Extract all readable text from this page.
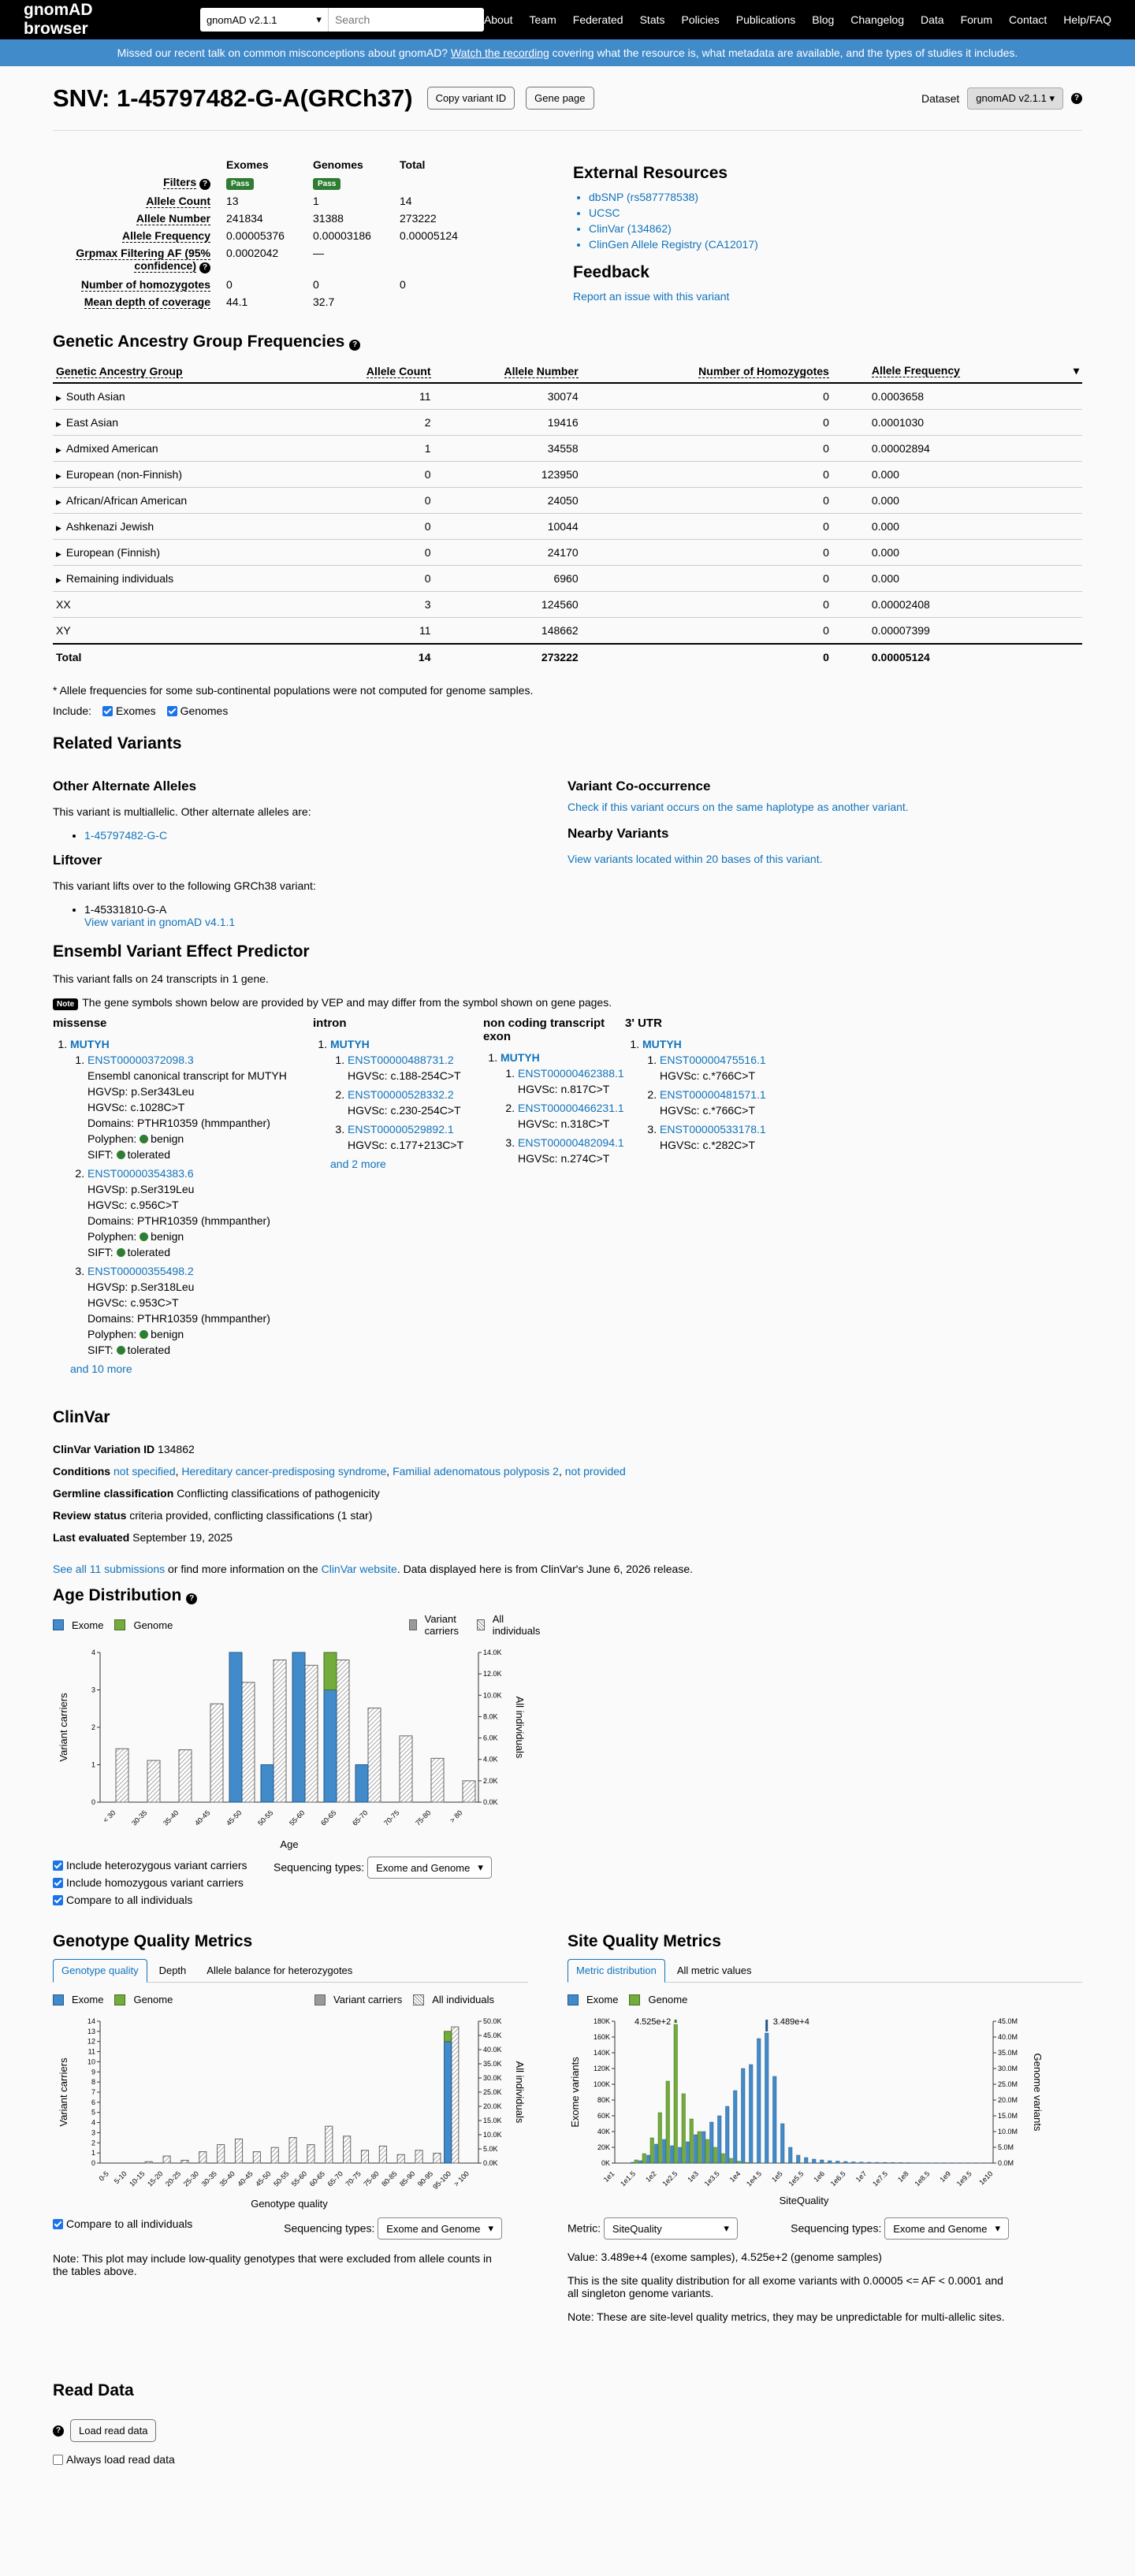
gnomAD browser	gnomAD v2.1.1	▾
Search	About Team Federated Stats Policies Publications Blog Changelog Data Forum Contact Help/FAQ
Missed our recent talk on common misconceptions about gnomAD?
Watch the recording
covering what the resource is, what metadata are available, and the types of studies it includes.
SNV: 1-45797482-G-A(GRCh37)	Copy variant ID	Gene page	Dataset	gnomAD v2.1.1 ▾	?
	Exomes	Genomes	Total
Filters ?	Pass	Pass	
Allele Count	13	1	14
Allele Number	241834	31388	273222
Allele Frequency	0.00005376	0.00003186	0.00005124
Grpmax Filtering AF (95% confidence) ?	0.0002042	—	
Number of homozygotes	0	0	0
Mean depth of coverage	44.1	32.7	
External Resources
• dbSNP (rs587778538)
• UCSC
• ClinVar (134862)
• ClinGen Allele Registry (CA12017)
Feedback
Report an issue with this variant
Genetic Ancestry Group Frequencies ?
Genetic Ancestry Group	Allele Count	Allele Number	Number of Homozygotes	Allele Frequency ▾

▶ South Asian	11	30074	0	0.0003658
▶ East Asian	2	19416	0	0.0001030
▶ Admixed American	1	34558	0	0.00002894
▶ European (non-Finnish)	0	123950	0	0.000
▶ African/African American	0	24050	0	0.000
▶ Ashkenazi Jewish	0	10044	0	0.000
▶ European (Finnish)	0	24170	0	0.000
▶ Remaining individuals	0	6960	0	0.000
XX	3	124560	0	0.00002408
XY	11	148662	0	0.00007399
Total	14	273222	0	0.00005124

* Allele frequencies for some sub-continental populations were not computed for genome samples.

Include:	Exomes	Genomes
Related Variants
Other Alternate Alleles

This variant is multiallelic. Other alternate alleles are:

• 1-45797482-G-C
Liftover

This variant lifts over to the following GRCh38 variant:

• 1-45331810-G-A
View variant in gnomAD v4.1.1
Variant Co-occurrence
Check if this variant occurs on the same haplotype as another variant.
Nearby Variants

View variants located within 20 bases of this variant.

Ensembl Variant Effect Predictor

This variant falls on 24 transcripts in 1 gene.

Note The gene symbols shown below are provided by VEP and may differ from the symbol shown on gene pages.

missense
1. MUTYH
1. ENST00000372098.3
Ensembl canonical transcript for MUTYH
HGVSp: p.Ser343Leu
HGVSc: c.1028C>T
Domains: PTHR10359 (hmmpanther)
Polyphen: benign
SIFT: tolerated
2. ENST00000354383.6
HGVSp: p.Ser319Leu
HGVSc: c.956C>T
Domains: PTHR10359 (hmmpanther)
Polyphen: benign
SIFT: tolerated
3. ENST00000355498.2
HGVSp: p.Ser318Leu
HGVSc: c.953C>T
Domains: PTHR10359 (hmmpanther)
Polyphen: benign
SIFT: tolerated
and 10 more
intron
1. MUTYH
1. ENST00000488731.2
HGVSc: c.188-254C>T
2. ENST00000528332.2
HGVSc: c.230-254C>T
3. ENST00000529892.1
HGVSc: c.177+213C>T
and 2 more
non coding transcript exon
1. MUTYH
1. ENST00000462388.1
HGVSc: n.817C>T
2. ENST00000466231.1
HGVSc: n.318C>T
3. ENST00000482094.1
HGVSc: n.274C>T
3' UTR
1. MUTYH
1. ENST00000475516.1
HGVSc: c.*766C>T
2. ENST00000481571.1
HGVSc: c.*766C>T
3. ENST00000533178.1
HGVSc: c.*282C>T
ClinVar
ClinVar Variation ID 134862
Conditions not specified, Hereditary cancer-predisposing syndrome, Familial adenomatous polyposis 2, not provided
Germline classification Conflicting classifications of pathogenicity
Review status criteria provided, conflicting classifications (1 star)
Last evaluated September 19, 2025

See all 11 submissions or find more information on the ClinVar website. Data displayed here is from ClinVar's June 6, 2026 release.

Age Distribution ?
Exome	Genome	Variant carriers
All individuals
0
1
2
3
4
0.0K
2.0K
4.0K
6.0K
8.0K
10.0K
12.0K
14.0K
< 30 30-35 35-40 40-45 45-50 50-55 55-60 60-65 65-70 70-75 75-80 > 80
Age
Variant carriers	All individuals
Include heterozygous variant carriers
Include homozygous variant carriers
Compare to all individuals
Sequencing types: Exome and Genome ▾
Genotype Quality Metrics
Genotype quality	Depth	Allele balance for heterozygotes
Exome	Genome	Variant carriers	All individuals
0
1
2
3
4
5
6
7
8
9
10
11
12
13
14
0.0K
5.0K
10.0K
15.0K
20.0K
25.0K
30.0K
35.0K
40.0K
45.0K
50.0K
0-5 5-10 10-15 15-20 20-25 25-30 30-35 35-40 40-45 45-50 50-55 55-60 60-65 65-70 70-75 75-80 80-85 85-90 90-95
95-100 > 100
Genotype quality
Variant carriers	All individuals
Compare to all individuals	Sequencing types: Exome and Genome ▾

Note: This plot may include low-quality genotypes that were excluded from allele counts in the tables above.

Site Quality Metrics
Metric distribution	All metric values
Exome	Genome
0K
20K
40K
60K
80K
100K
120K
140K
160K
180K
0.0M
5.0M
10.0M
15.0M
20.0M
25.0M
30.0M
35.0M
40.0M
45.0M
1e1 1e1.5 1e2 1e2.5 1e3 1e3.5 1e4 1e4.5 1e5 1e5.5 1e6 1e6.5 1e7 1e7.5 1e8 1e8.5 1e9 1e9.5 1e10
4.525e+2	3.489e+4
SiteQuality
Exome variants	Genome variants
Metric: SiteQuality	▾	Sequencing types: Exome and Genome ▾

Value: 3.489e+4 (exome samples), 4.525e+2 (genome samples)

This is the site quality distribution for all exome variants with 0.00005 <= AF < 0.0001 and all singleton genome variants.

Note: These are site-level quality metrics, they may be unpredictable for multi-allelic sites.

Read Data
?	Load read data
Always load read data
